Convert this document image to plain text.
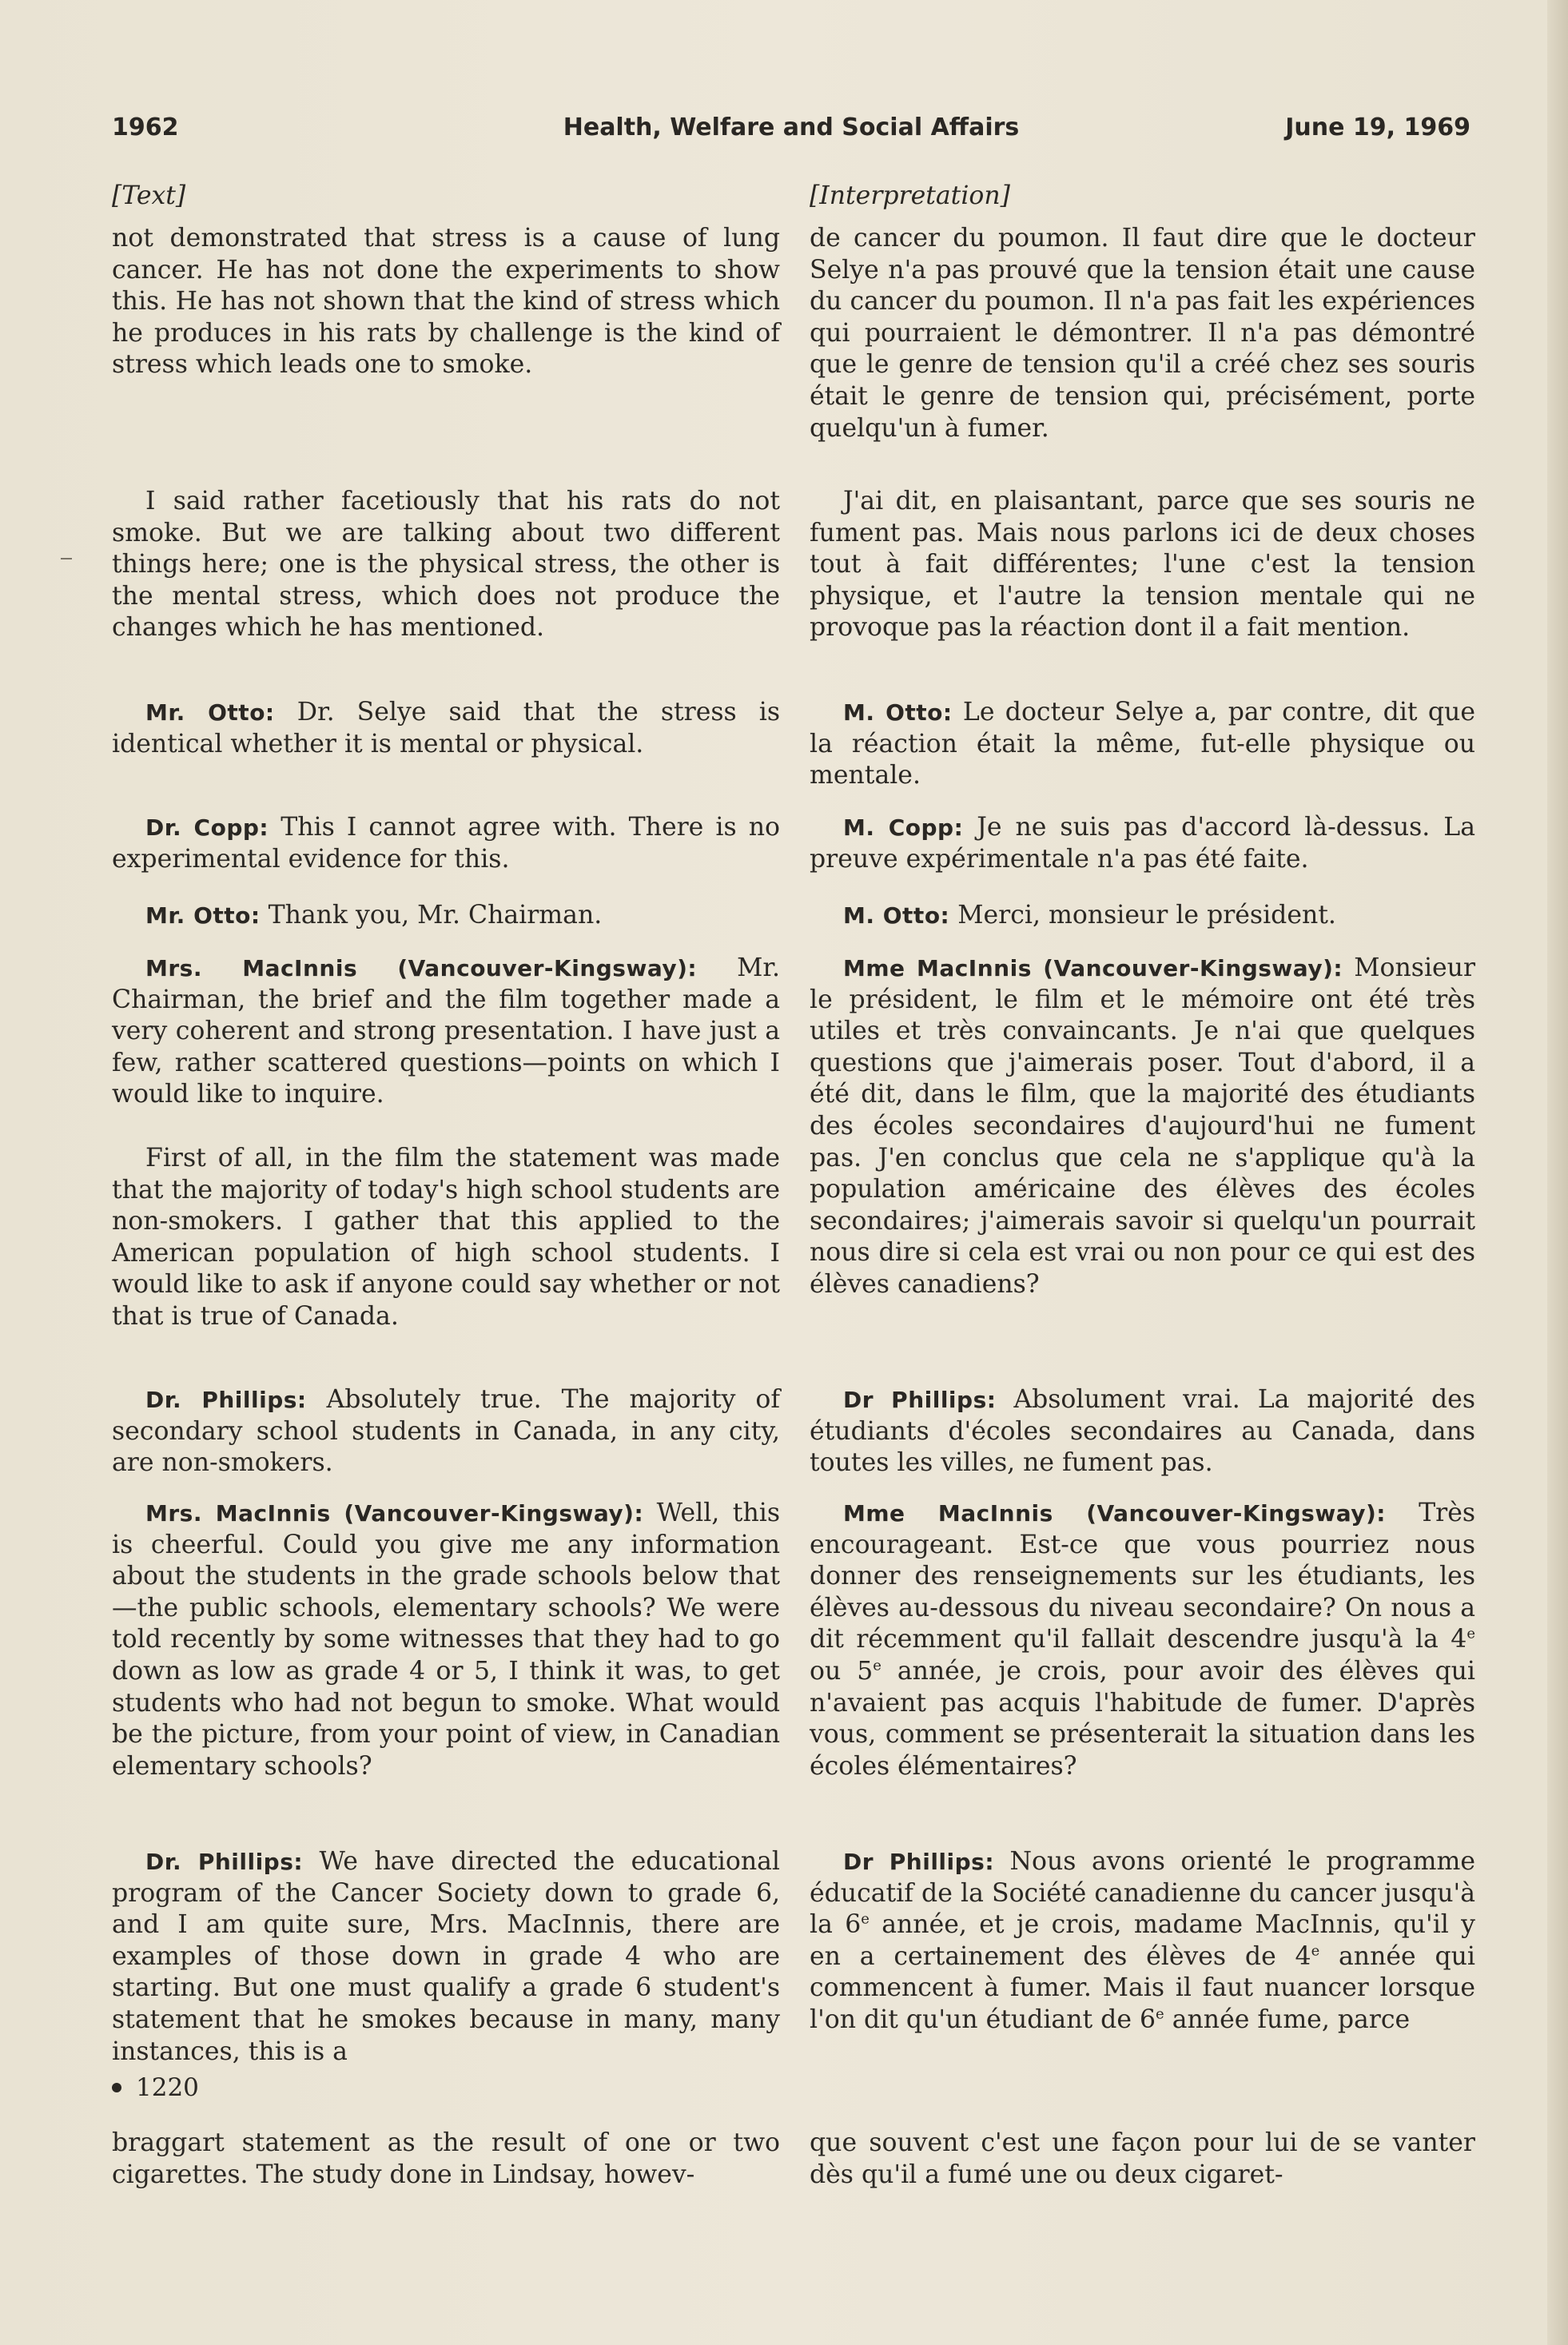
1962	Health, Welfare and Social Affairs	June 19, 1969
[Text]
not demonstrated that stress is a cause of lung cancer. He has not done the experiments to show this. He has not shown that the kind of stress which he produces in his rats by challenge is the kind of stress which leads one to smoke.
I said rather facetiously that his rats do not smoke. But we are talking about two different things here; one is the physical stress, the other is the mental stress, which does not produce the changes which he has mentioned.
Mr. Otto: Dr. Selye said that the stress is identical whether it is mental or physical.
Dr. Copp: This I cannot agree with. There is no experimental evidence for this.
Mr. Otto: Thank you, Mr. Chairman.
Mrs. MacInnis (Vancouver-Kingsway): Mr. Chairman, the brief and the film together made a very coherent and strong presentation. I have just a few, rather scattered questions—points on which I would like to inquire.
First of all, in the film the statement was made that the majority of today's high school students are non-smokers. I gather that this applied to the American population of high school students. I would like to ask if anyone could say whether or not that is true of Canada.
Dr. Phillips: Absolutely true. The majority of secondary school students in Canada, in any city, are non-smokers.
Mrs. MacInnis (Vancouver-Kingsway): Well, this is cheerful. Could you give me any information about the students in the grade schools below that—the public schools, elementary schools? We were told recently by some witnesses that they had to go down as low as grade 4 or 5, I think it was, to get students who had not begun to smoke. What would be the picture, from your point of view, in Canadian elementary schools?
Dr. Phillips: We have directed the educational program of the Cancer Society down to grade 6, and I am quite sure, Mrs. MacInnis, there are examples of those down in grade 4 who are starting. But one must qualify a grade 6 student's statement that he smokes because in many, many instances, this is a
braggart statement as the result of one or two cigarettes. The study done in Lindsay, howev-
1220
[Interpretation]
de cancer du poumon. Il faut dire que le docteur Selye n'a pas prouvé que la tension était une cause du cancer du poumon. Il n'a pas fait les expériences qui pourraient le démontrer. Il n'a pas démontré que le genre de tension qu'il a créé chez ses souris était le genre de tension qui, précisément, porte quelqu'un à fumer.
J'ai dit, en plaisantant, parce que ses souris ne fument pas. Mais nous parlons ici de deux choses tout à fait différentes; l'une c'est la tension physique, et l'autre la tension mentale qui ne provoque pas la réaction dont il a fait mention.
M. Otto: Le docteur Selye a, par contre, dit que la réaction était la même, fut-elle physique ou mentale.
M. Copp: Je ne suis pas d'accord là-dessus. La preuve expérimentale n'a pas été faite.
M. Otto: Merci, monsieur le président.
Mme MacInnis (Vancouver-Kingsway): Monsieur le président, le film et le mémoire ont été très utiles et très convaincants. Je n'ai que quelques questions que j'aimerais poser. Tout d'abord, il a été dit, dans le film, que la majorité des étudiants des écoles secondaires d'aujourd'hui ne fument pas. J'en conclus que cela ne s'applique qu'à la population américaine des élèves des écoles secondaires; j'aimerais savoir si quelqu'un pourrait nous dire si cela est vrai ou non pour ce qui est des élèves canadiens?
Dr Phillips: Absolument vrai. La majorité des étudiants d'écoles secondaires au Canada, dans toutes les villes, ne fument pas.
Mme MacInnis (Vancouver-Kingsway): Très encourageant. Est-ce que vous pourriez nous donner des renseignements sur les étudiants, les élèves au-dessous du niveau secondaire? On nous a dit récemment qu'il fallait descendre jusqu'à la 4e ou 5e année, je crois, pour avoir des élèves qui n'avaient pas acquis l'habitude de fumer. D'après vous, comment se présenterait la situation dans les écoles élémentaires?
Dr Phillips: Nous avons orienté le programme éducatif de la Société canadienne du cancer jusqu'à la 6e année, et je crois, madame MacInnis, qu'il y en a certainement des élèves de 4e année qui commencent à fumer. Mais il faut nuancer lorsque l'on dit qu'un étudiant de 6e année fume, parce
que souvent c'est une façon pour lui de se vanter dès qu'il a fumé une ou deux cigaret-
